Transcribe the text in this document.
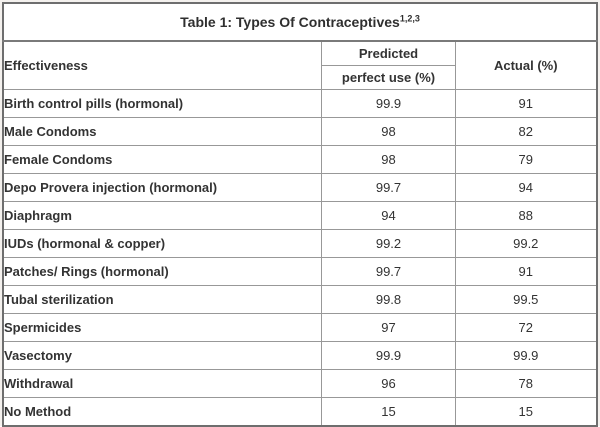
Table 1: Types Of Contraceptives$^{1,2,3}$
Effectiveness	Predicted	Actual (%)
	perfect use (%)	
Birth control pills (hormonal)	99.9	91
Male Condoms	98	82
Female Condoms	98	79
Depo Provera injection (hormonal)	99.7	94
Diaphragm	94	88
IUDs (hormonal & copper)	99.2	99.2
Patches/ Rings (hormonal)	99.7	91
Tubal sterilization	99.8	99.5
Spermicides	97	72
Vasectomy	99.9	99.9
Withdrawal	96	78
No Method	15	15
